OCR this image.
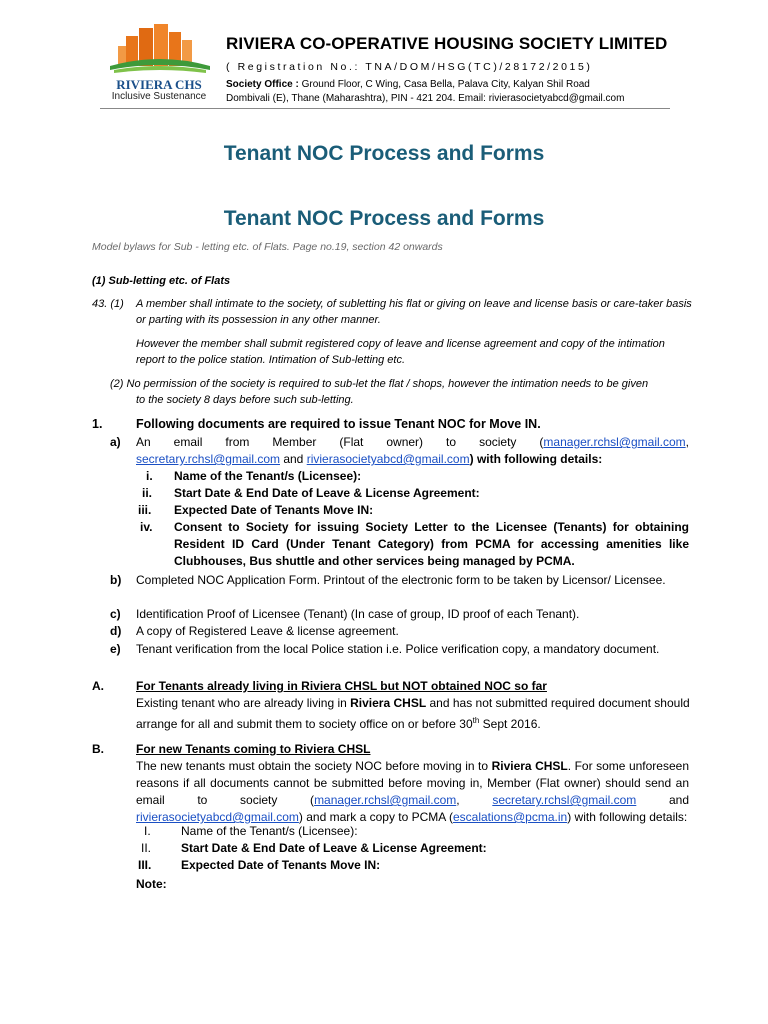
RIVIERA CHS
Inclusive Sustenance
RIVIERA CO-OPERATIVE HOUSING SOCIETY LIMITED
( Registration No.: TNA/DOM/HSG(TC)/28172/2015)
Society Office : Ground Floor, C Wing, Casa Bella, Palava City, Kalyan Shil Road
Dombivali (E), Thane (Maharashtra), PIN - 421 204. Email: rivierasocietyabcd@gmail.com
Tenant NOC Process and Forms
Tenant NOC Process and Forms
Model bylaws for Sub - letting etc. of Flats. Page no.19, section 42 onwards
(1) Sub-letting etc. of Flats
43. (1) A member shall intimate to the society, of subletting his flat or giving on leave and license basis or care-taker basis or parting with its possession in any other manner.
However the member shall submit registered copy of leave and license agreement and copy of the intimation report to the police station. Intimation of Sub-letting etc.
(2) No permission of the society is required to sub-let the flat / shops, however the intimation needs to be given
to the society 8 days before such sub-letting.
1.	Following documents are required to issue Tenant NOC for Move IN.
a) An email from Member (Flat owner) to society (manager.rchsl@gmail.com, secretary.rchsl@gmail.com and rivierasocietyabcd@gmail.com) with following details:
i. Name of the Tenant/s (Licensee):
ii. Start Date & End Date of Leave & License Agreement:
iii. Expected Date of Tenants Move IN:
iv. Consent to Society for issuing Society Letter to the Licensee (Tenants) for obtaining Resident ID Card (Under Tenant Category) from PCMA for accessing amenities like Clubhouses, Bus shuttle and other services being managed by PCMA.
b) Completed NOC Application Form. Printout of the electronic form to be taken by Licensor/ Licensee.
c) Identification Proof of Licensee (Tenant) (In case of group, ID proof of each Tenant).
d) A copy of Registered Leave & license agreement.
e) Tenant verification from the local Police station i.e. Police verification copy, a mandatory document.
A.	For Tenants already living in Riviera CHSL but NOT obtained NOC so far
Existing tenant who are already living in Riviera CHSL and has not submitted required document should arrange for all and submit them to society office on or before 30th Sept 2016.
B.	For new Tenants coming to Riviera CHSL
The new tenants must obtain the society NOC before moving in to Riviera CHSL. For some unforeseen reasons if all documents cannot be submitted before moving in, Member (Flat owner) should send an email to society (manager.rchsl@gmail.com, secretary.rchsl@gmail.com and rivierasocietyabcd@gmail.com) and mark a copy to PCMA (escalations@pcma.in) with following details:
I.	Name of the Tenant/s (Licensee):
II. Start Date & End Date of Leave & License Agreement:
III. Expected Date of Tenants Move IN:
Note:
